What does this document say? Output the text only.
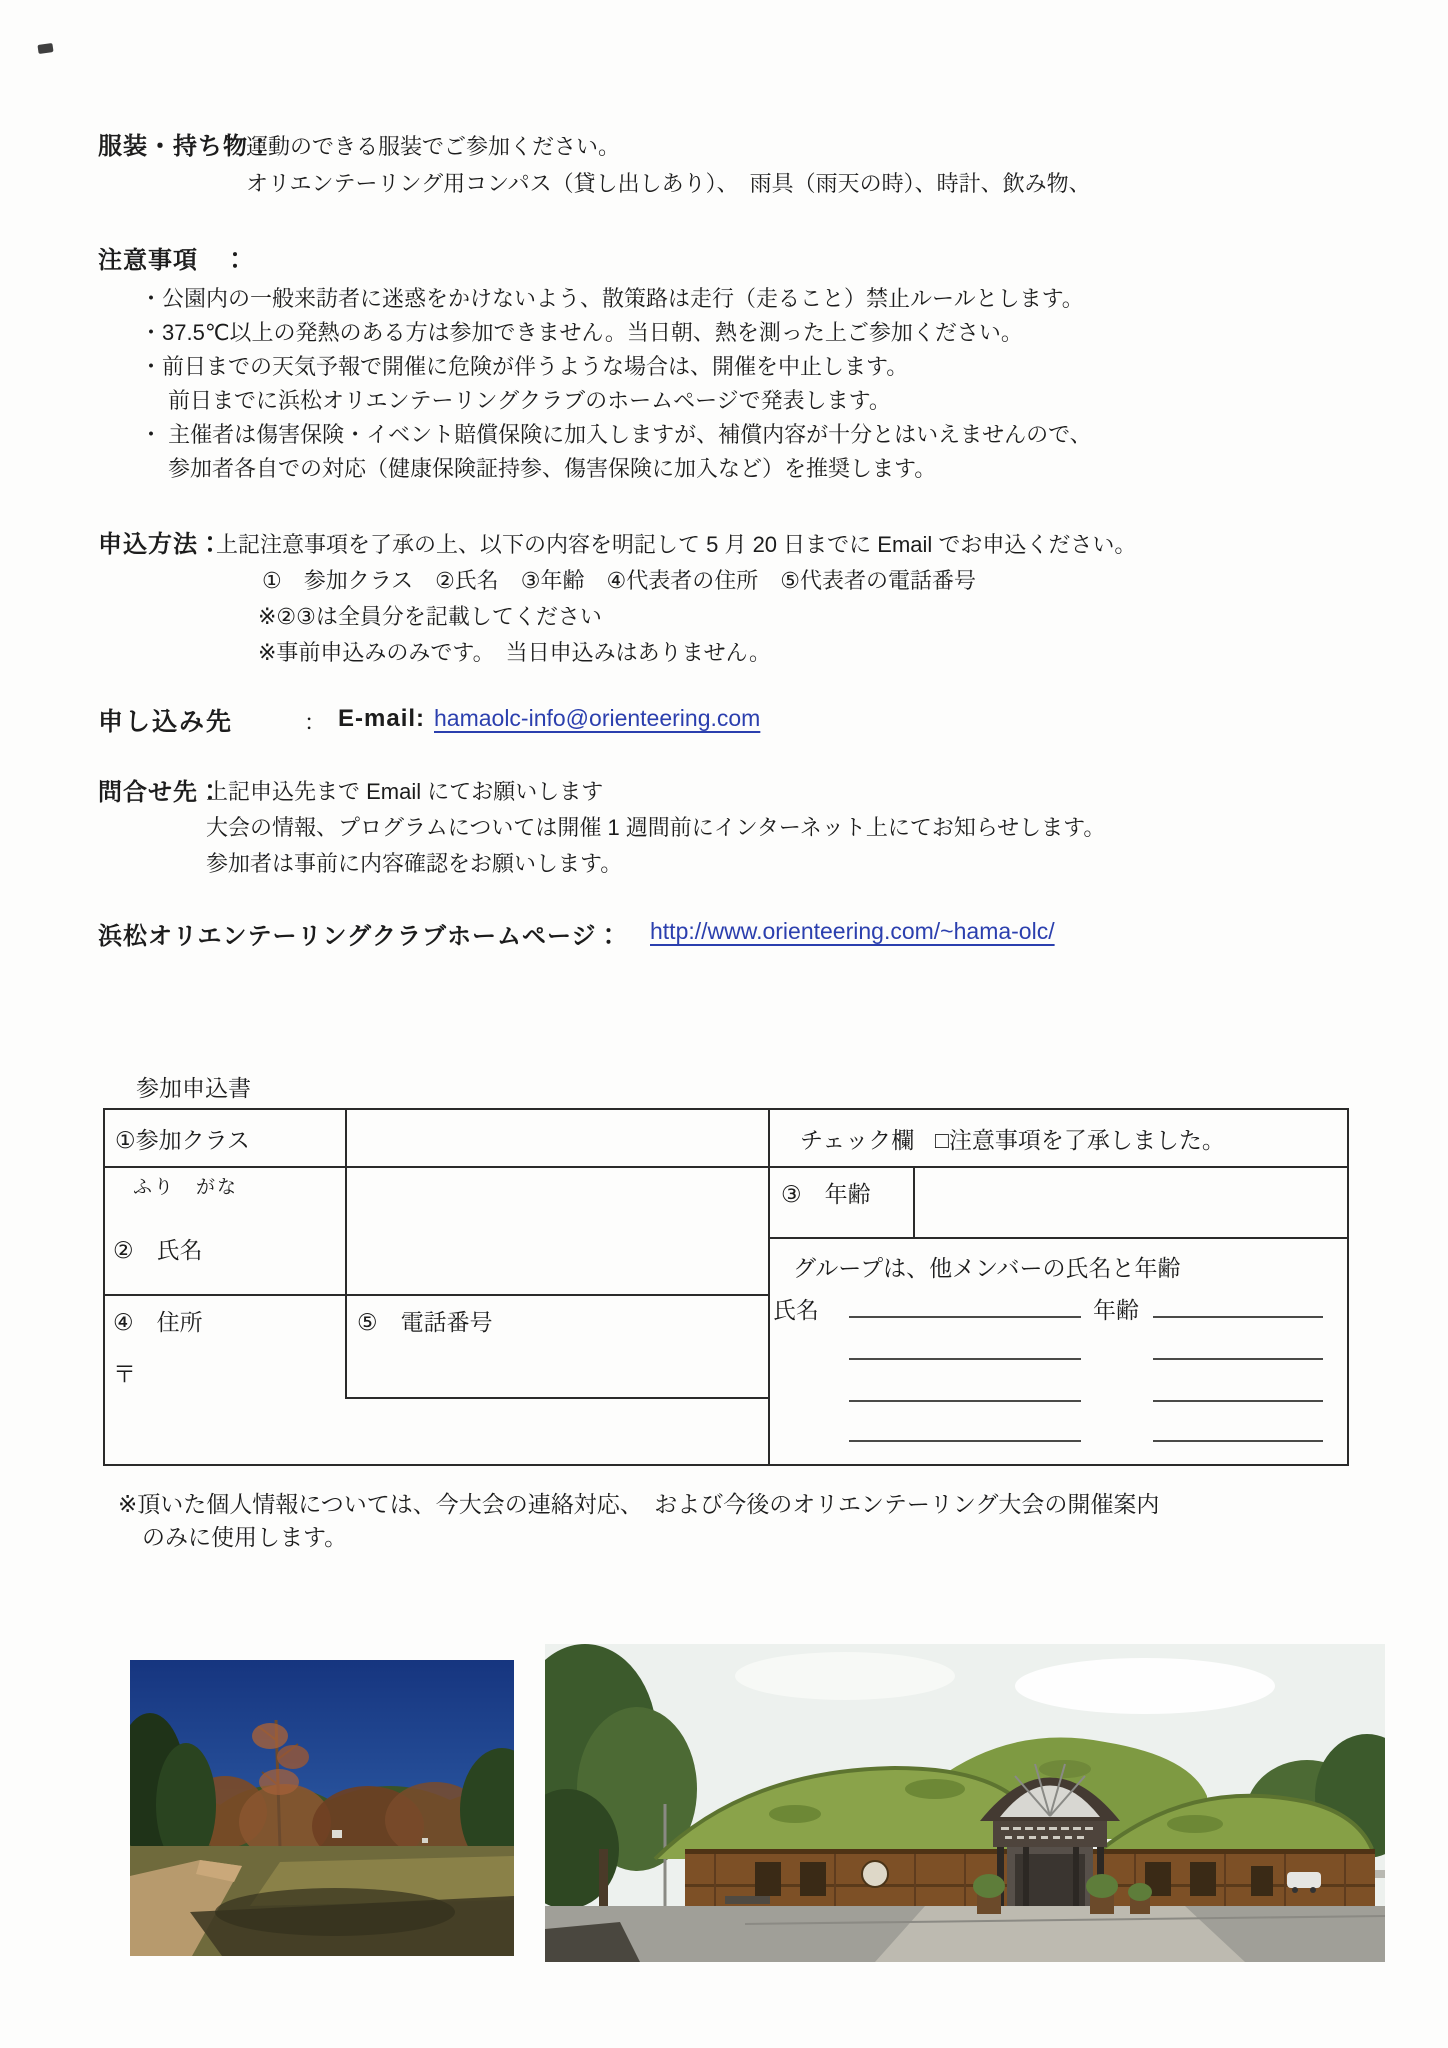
服装・持ち物：
運動のできる服装でご参加ください。
オリエンテーリング用コンパス（貸し出しあり）、　雨具（雨天の時）、時計、飲み物、
注意事項　：
・公園内の一般来訪者に迷惑をかけないよう、散策路は走行（走ること）禁止ルールとします。
・37.5℃以上の発熱のある方は参加できません。当日朝、熱を測った上ご参加ください。
・前日までの天気予報で開催に危険が伴うような場合は、開催を中止します。
前日までに浜松オリエンテーリングクラブのホームページで発表します。
・ 主催者は傷害保険・イベント賠償保険に加入しますが、補償内容が十分とはいえませんので、
参加者各自での対応（健康保険証持参、傷害保険に加入など）を推奨します。
申込方法：
上記注意事項を了承の上、以下の内容を明記して 5 月 20 日までに Email でお申込ください。
①　参加クラス　②氏名　③年齢　④代表者の住所　⑤代表者の電話番号
※②③は全員分を記載してください
※事前申込みのみです。　当日申込みはありません。
申し込み先	： E-mail: hamaolc-info@orienteering.com
問合せ先：
上記申込先まで Email にてお願いします
大会の情報、プログラムについては開催 1 週間前にインターネット上にてお知らせします。
参加者は事前に内容確認をお願いします。
浜松オリエンテーリングクラブホームページ： http://www.orienteering.com/~hama-olc/
参加申込書
①参加クラス	チェック欄 □注意事項を了承しました。
ふり　がな
②　氏名
③　年齢
④　住所
〒
⑤　電話番号
グループは、他メンバーの氏名と年齢
氏名	年齢
※頂いた個人情報については、今大会の連絡対応、　および今後のオリエンテーリング大会の開催案内
のみに使用します。
